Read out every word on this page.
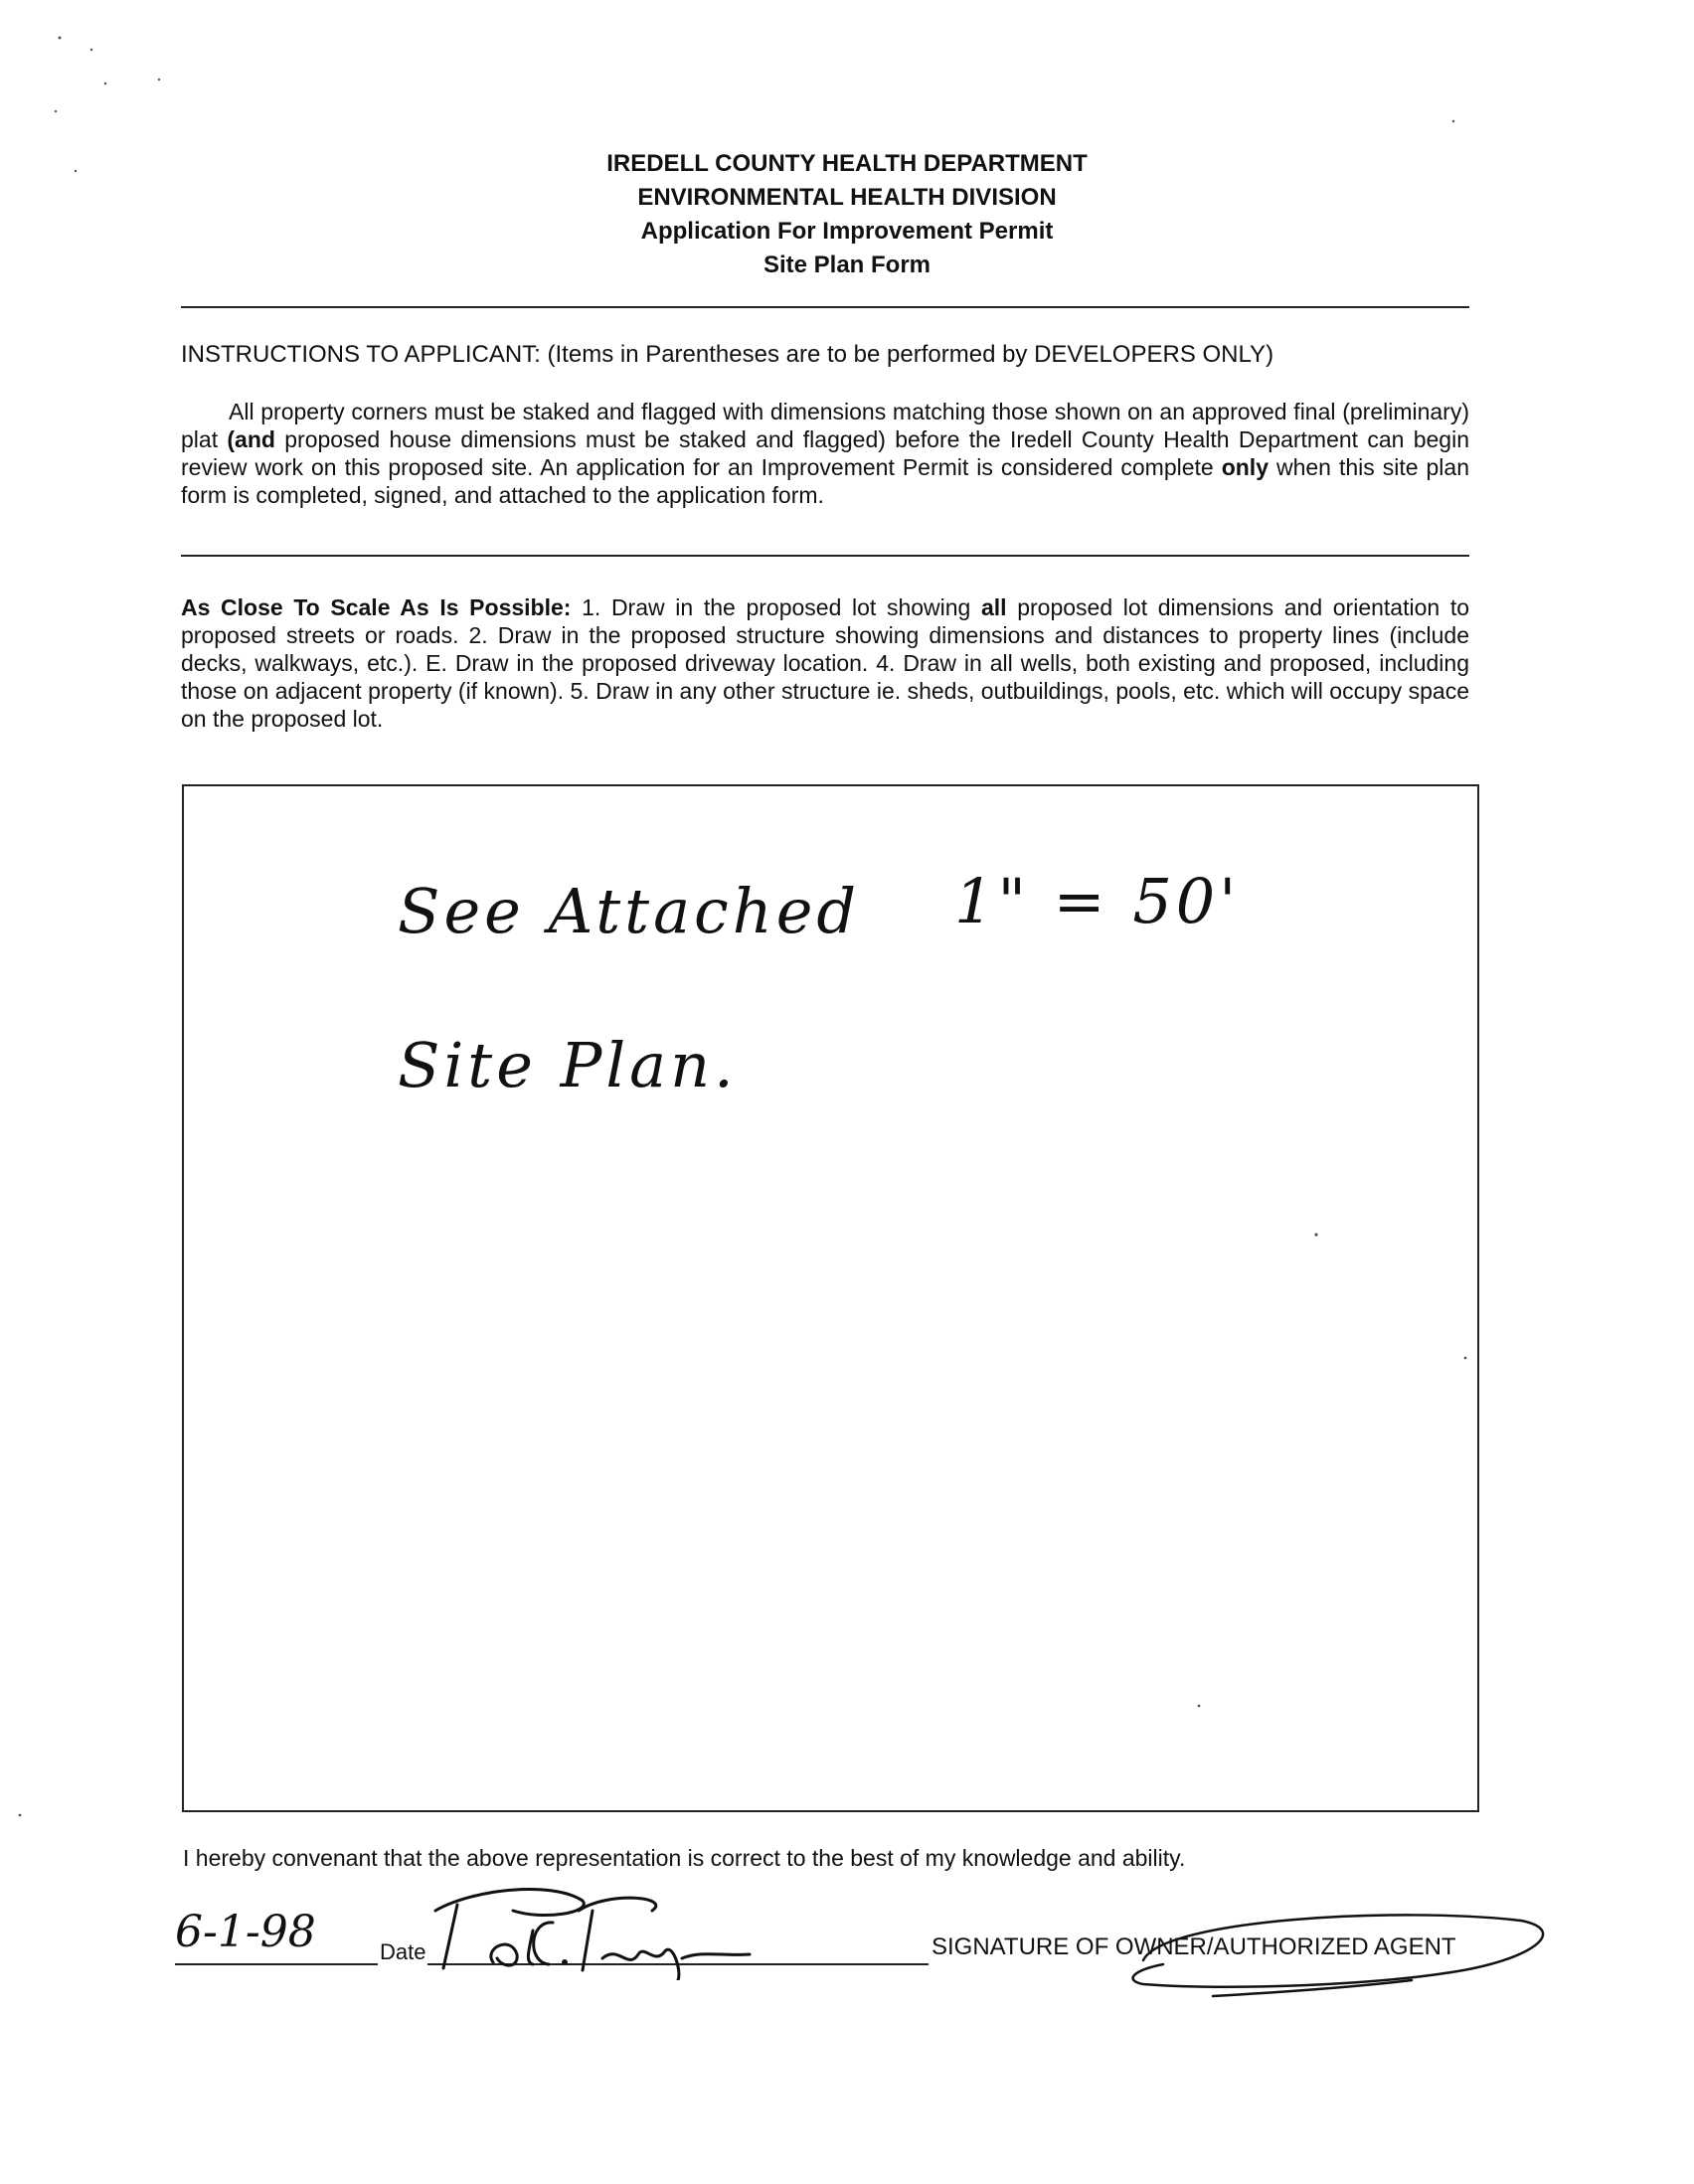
IREDELL COUNTY HEALTH DEPARTMENT
ENVIRONMENTAL HEALTH DIVISION
Application For Improvement Permit
Site Plan Form
INSTRUCTIONS TO APPLICANT: (Items in Parentheses are to be performed by DEVELOPERS ONLY)
All property corners must be staked and flagged with dimensions matching those shown on an approved final (preliminary) plat (and proposed house dimensions must be staked and flagged) before the Iredell County Health Department can begin review work on this proposed site. An application for an Improvement Permit is considered complete only when this site plan form is completed, signed, and attached to the application form.
As Close To Scale As Is Possible: 1. Draw in the proposed lot showing all proposed lot dimensions and orientation to proposed streets or roads. 2. Draw in the proposed structure showing dimensions and distances to property lines (include decks, walkways, etc.). E. Draw in the proposed driveway location. 4. Draw in all wells, both existing and proposed, including those on adjacent property (if known). 5. Draw in any other structure ie. sheds, outbuildings, pools, etc. which will occupy space on the proposed lot.
See Attached 1" = 50'
Site Plan.
I hereby convenant that the above representation is correct to the best of my knowledge and ability.
6-1-98	Date	SIGNATURE OF OWNER/AUTHORIZED AGENT
